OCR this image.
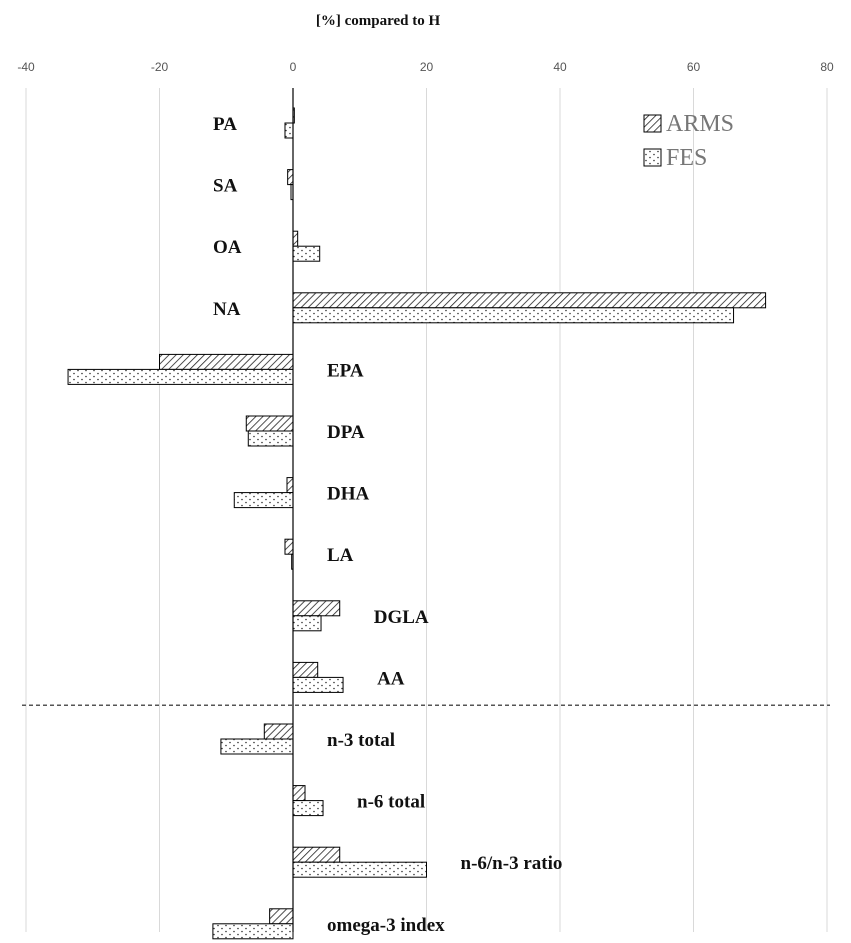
[%] compared to H
-40	-20	0	20	40	60	80
PA
SA
OA
NA
EPA
DPA
DHA
LA
DGLA
AA
n-3 total
n-6 total
n-6/n-3 ratio
omega-3 index
ARMS
FES
